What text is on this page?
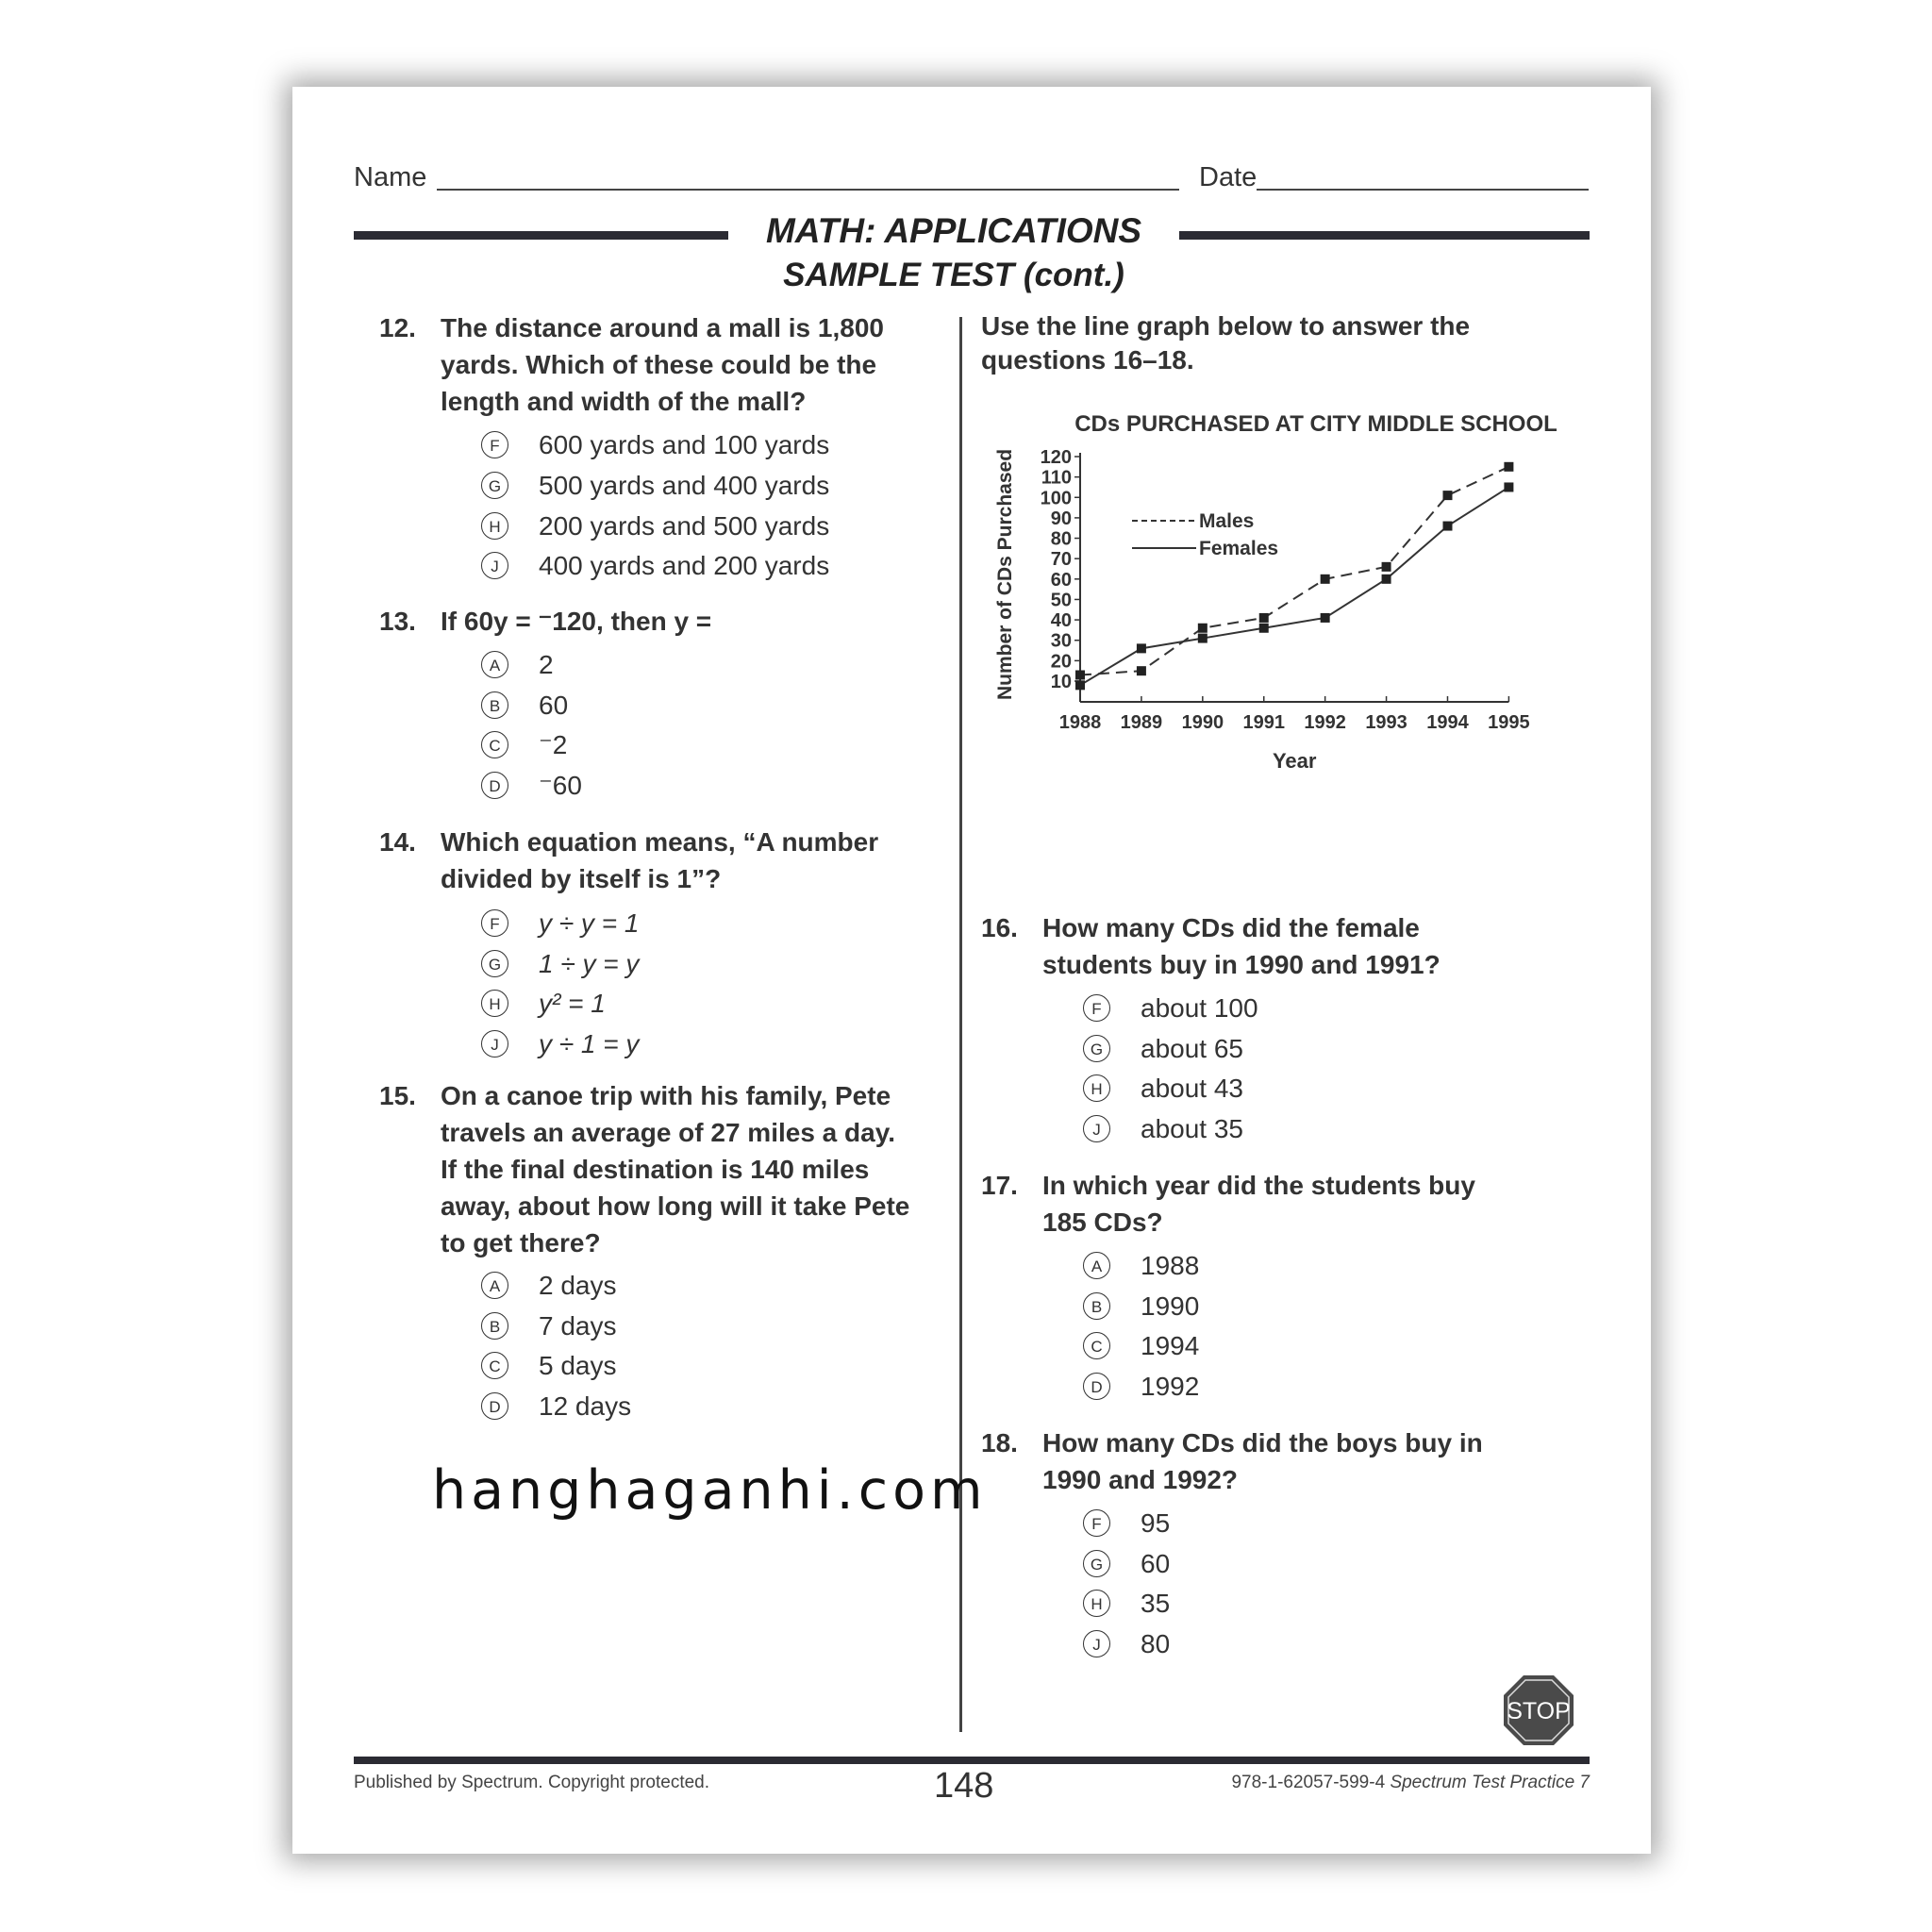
Name	Date
MATH: APPLICATIONS
SAMPLE TEST (cont.)
12. The distance around a mall is 1,800
yards. Which of these could be the
length and width of the mall?
F	600 yards and 100 yards
G 500 yards and 400 yards
H 200 yards and 500 yards
J	400 yards and 200 yards
13. If 60y = ⁻120, then y =
A	2
B	60
C ⁻2
D ⁻60
14. Which equation means, “A number
divided by itself is 1”?
F	y ÷ y = 1
G 1 ÷ y = y
H y² = 1
J	y ÷ 1 = y
15. On a canoe trip with his family, Pete
travels an average of 27 miles a day.
If the final destination is 140 miles
away, about how long will it take Pete
to get there?
A	2 days
B	7 days
C 5 days
D 12 days
Use the line graph below to answer the
questions 16–18.
CDs PURCHASED AT CITY MIDDLE SCHOOL
10
20
30
40
50
60
70
80
90
100
110
120
1988 1989 1990 1991 1992 1993 1994 1995
Year
Number of CDs Purchased	Males
Females
16. How many CDs did the female
students buy in 1990 and 1991?
F	about 100
G about 65
H about 43
J	about 35
17. In which year did the students buy
185 CDs?
A	1988
B	1990
C 1994
D 1992
18. How many CDs did the boys buy in
1990 and 1992?
F	95
G 60
H 35
J	80
hanghaganhi.com
STOP
Published by Spectrum. Copyright protected.	148	978-1-62057-599-4 Spectrum Test Practice 7
